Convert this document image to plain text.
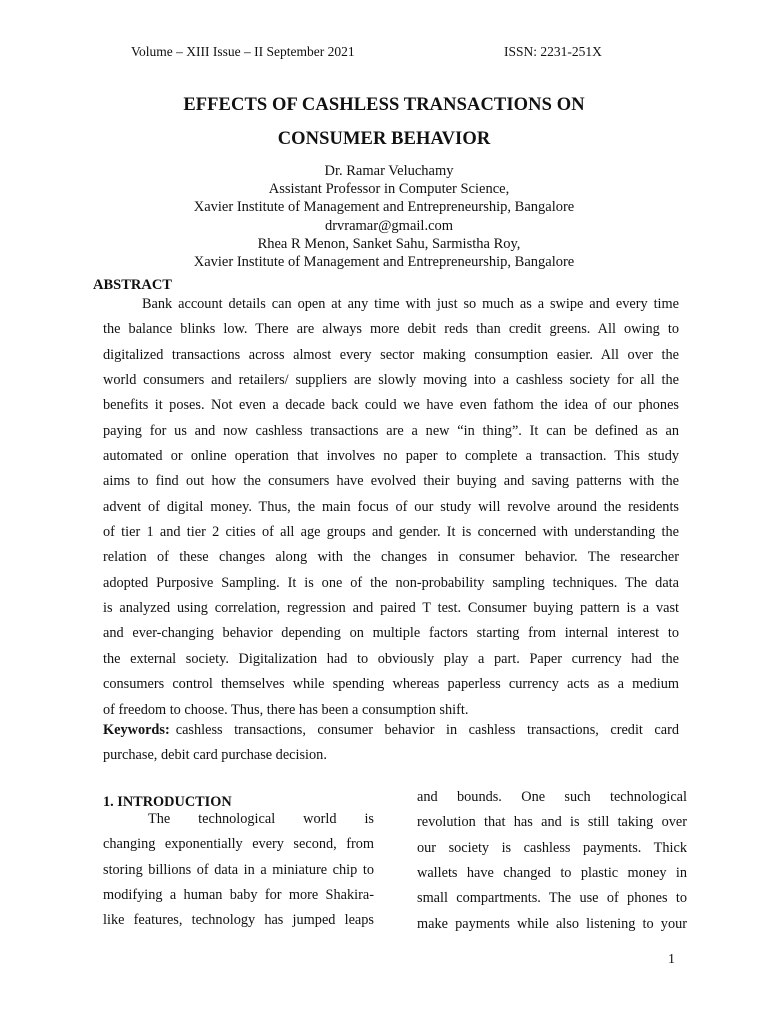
Volume – XIII Issue – II September 2021	ISSN: 2231-251X
EFFECTS OF CASHLESS TRANSACTIONS ON
CONSUMER BEHAVIOR
Dr. Ramar Veluchamy
Assistant Professor in Computer Science,
Xavier Institute of Management and Entrepreneurship, Bangalore
drvramar@gmail.com
Rhea R Menon, Sanket Sahu, Sarmistha Roy,
Xavier Institute of Management and Entrepreneurship, Bangalore
ABSTRACT
Bank account details can open at any time with just so much as a swipe and every time
the balance blinks low. There are always more debit reds than credit greens. All owing to
digitalized transactions across almost every sector making consumption easier. All over the
world consumers and retailers/ suppliers are slowly moving into a cashless society for all the
benefits it poses. Not even a decade back could we have even fathom the idea of our phones
paying for us and now cashless transactions are a new “in thing”. It can be defined as an
automated or online operation that involves no paper to complete a transaction. This study
aims to find out how the consumers have evolved their buying and saving patterns with the
advent of digital money. Thus, the main focus of our study will revolve around the residents
of tier 1 and tier 2 cities of all age groups and gender. It is concerned with understanding the
relation of these changes along with the changes in consumer behavior. The researcher
adopted Purposive Sampling. It is one of the non-probability sampling techniques. The data
is analyzed using correlation, regression and paired T test. Consumer buying pattern is a vast
and ever-changing behavior depending on multiple factors starting from internal interest to
the external society. Digitalization had to obviously play a part. Paper currency had the
consumers control themselves while spending whereas paperless currency acts as a medium
of freedom to choose. Thus, there has been a consumption shift.
Keywords: cashless transactions, consumer behavior in cashless transactions, credit card
purchase, debit card purchase decision.
1. INTRODUCTION
The technological world is
changing exponentially every second, from
storing billions of data in a miniature chip to
modifying a human baby for more Shakira-
like features, technology has jumped leaps
and bounds. One such technological
revolution that has and is still taking over
our society is cashless payments. Thick
wallets have changed to plastic money in
small compartments. The use of phones to
make payments while also listening to your
1
